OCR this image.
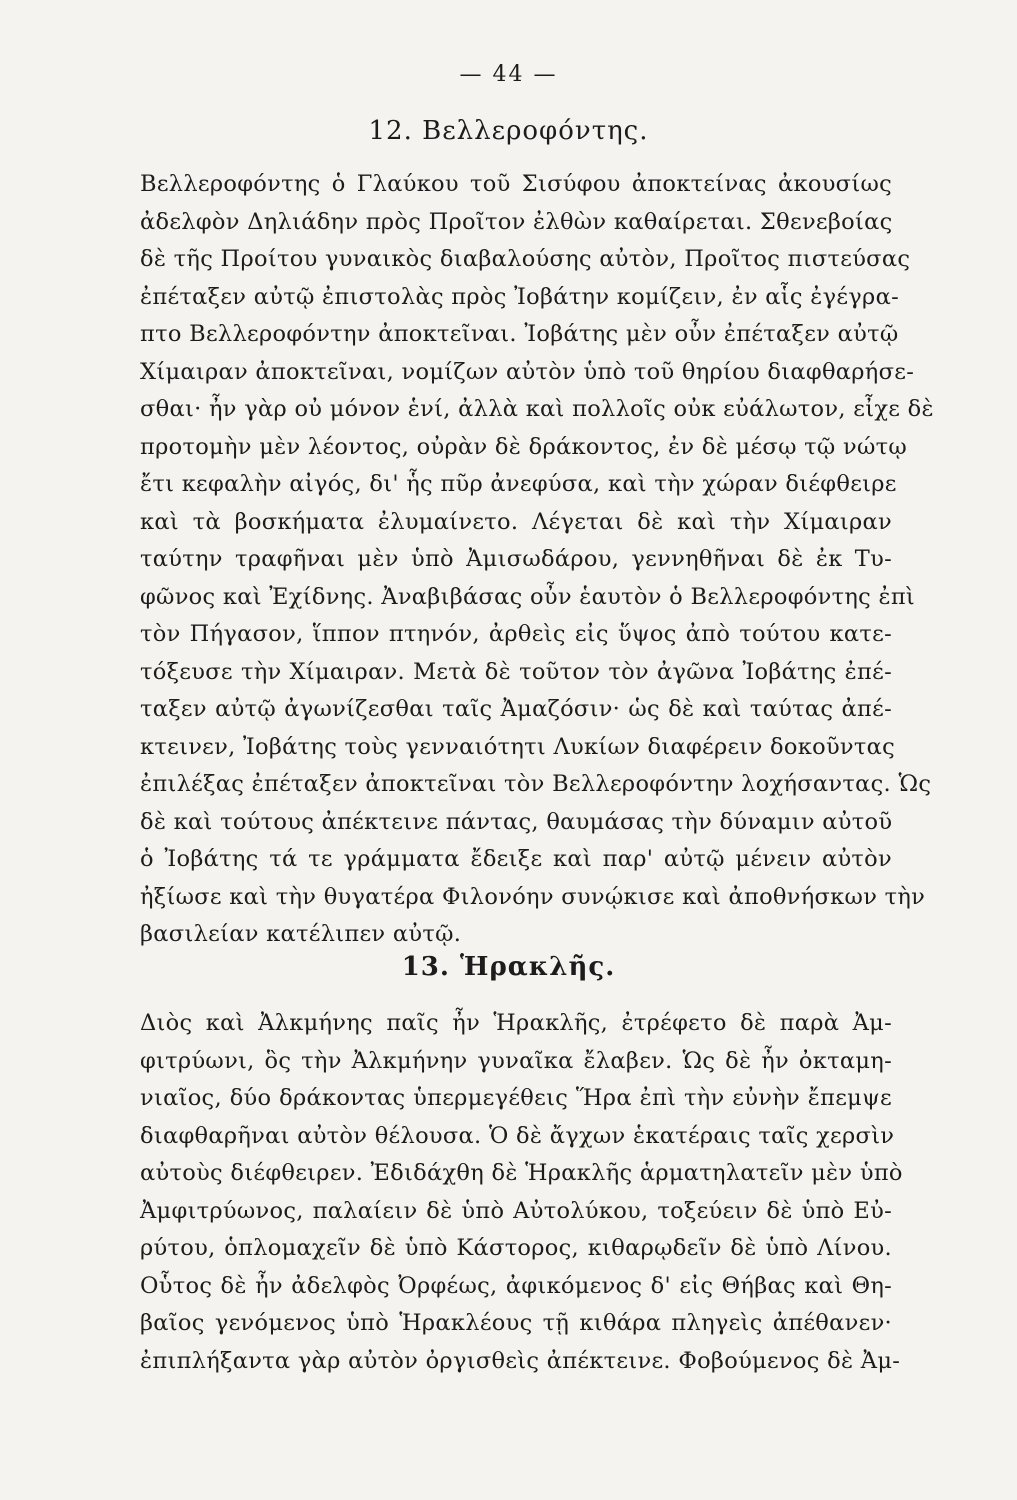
— 44 —
12. Βελλεροφόντης.
Βελλεροφόντης ὁ Γλαύκου τοῦ Σισύφου ἀποκτείνας ἀκουσίως
ἀδελφὸν Δηλιάδην πρὸς Προῖτον ἐλθὼν καθαίρεται. Σθενεβοίας
δὲ τῆς Προίτου γυναικὸς διαβαλούσης αὐτὸν, Προῖτος πιστεύσας
ἐπέταξεν αὐτῷ ἐπιστολὰς πρὸς Ἰοβάτην κομίζειν, ἐν αἷς ἐγέγρα-
πτο Βελλεροφόντην ἀποκτεῖναι. Ἰοβάτης μὲν οὖν ἐπέταξεν αὐτῷ
Χίμαιραν ἀποκτεῖναι, νομίζων αὐτὸν ὑπὸ τοῦ θηρίου διαφθαρήσε-
σθαι· ἦν γὰρ οὐ μόνον ἑνί, ἀλλὰ καὶ πολλοῖς οὐκ εὐάλωτον, εἶχε δὲ
προτομὴν μὲν λέοντος, οὐρὰν δὲ δράκοντος, ἐν δὲ μέσῳ τῷ νώτῳ
ἔτι κεφαλὴν αἰγός, δι' ἧς πῦρ ἀνεφύσα, καὶ τὴν χώραν διέφθειρε
καὶ τὰ βοσκήματα ἐλυμαίνετο. Λέγεται δὲ καὶ τὴν Χίμαιραν
ταύτην τραφῆναι μὲν ὑπὸ Ἀμισωδάρου, γεννηθῆναι δὲ ἐκ Τυ-
φῶνος καὶ Ἐχίδνης. Ἀναβιβάσας οὖν ἑαυτὸν ὁ Βελλεροφόντης ἐπὶ
τὸν Πήγασον, ἵππον πτηνόν, ἀρθεὶς εἰς ὕψος ἀπὸ τούτου κατε-
τόξευσε τὴν Χίμαιραν. Μετὰ δὲ τοῦτον τὸν ἀγῶνα Ἰοβάτης ἐπέ-
ταξεν αὐτῷ ἀγωνίζεσθαι ταῖς Ἀμαζόσιν· ὡς δὲ καὶ ταύτας ἀπέ-
κτεινεν, Ἰοβάτης τοὺς γενναιότητι Λυκίων διαφέρειν δοκοῦντας
ἐπιλέξας ἐπέταξεν ἀποκτεῖναι τὸν Βελλεροφόντην λοχήσαντας. Ὡς
δὲ καὶ τούτους ἀπέκτεινε πάντας, θαυμάσας τὴν δύναμιν αὐτοῦ
ὁ Ἰοβάτης τά τε γράμματα ἔδειξε καὶ παρ' αὐτῷ μένειν αὐτὸν
ἠξίωσε καὶ τὴν θυγατέρα Φιλονόην συνῴκισε καὶ ἀποθνήσκων τὴν
βασιλείαν κατέλιπεν αὐτῷ.
13. Ἡρακλῆς.
Διὸς καὶ Ἀλκμήνης παῖς ἦν Ἡρακλῆς, ἐτρέφετο δὲ παρὰ Ἀμ-
φιτρύωνι, ὃς τὴν Ἀλκμήνην γυναῖκα ἔλαβεν. Ὡς δὲ ἦν ὀκταμη-
νιαῖος, δύο δράκοντας ὑπερμεγέθεις Ἥρα ἐπὶ τὴν εὐνὴν ἔπεμψε
διαφθαρῆναι αὐτὸν θέλουσα. Ὁ δὲ ἄγχων ἑκατέραις ταῖς χερσὶν
αὐτοὺς διέφθειρεν. Ἐδιδάχθη δὲ Ἡρακλῆς ἁρματηλατεῖν μὲν ὑπὸ
Ἀμφιτρύωνος, παλαίειν δὲ ὑπὸ Αὐτολύκου, τοξεύειν δὲ ὑπὸ Εὐ-
ρύτου, ὁπλομαχεῖν δὲ ὑπὸ Κάστορος, κιθαρῳδεῖν δὲ ὑπὸ Λίνου.
Οὗτος δὲ ἦν ἀδελφὸς Ὀρφέως, ἀφικόμενος δ' εἰς Θήβας καὶ Θη-
βαῖος γενόμενος ὑπὸ Ἡρακλέους τῇ κιθάρα πληγεὶς ἀπέθανεν·
ἐπιπλήξαντα γὰρ αὐτὸν ὀργισθεὶς ἀπέκτεινε. Φοβούμενος δὲ Ἀμ-
